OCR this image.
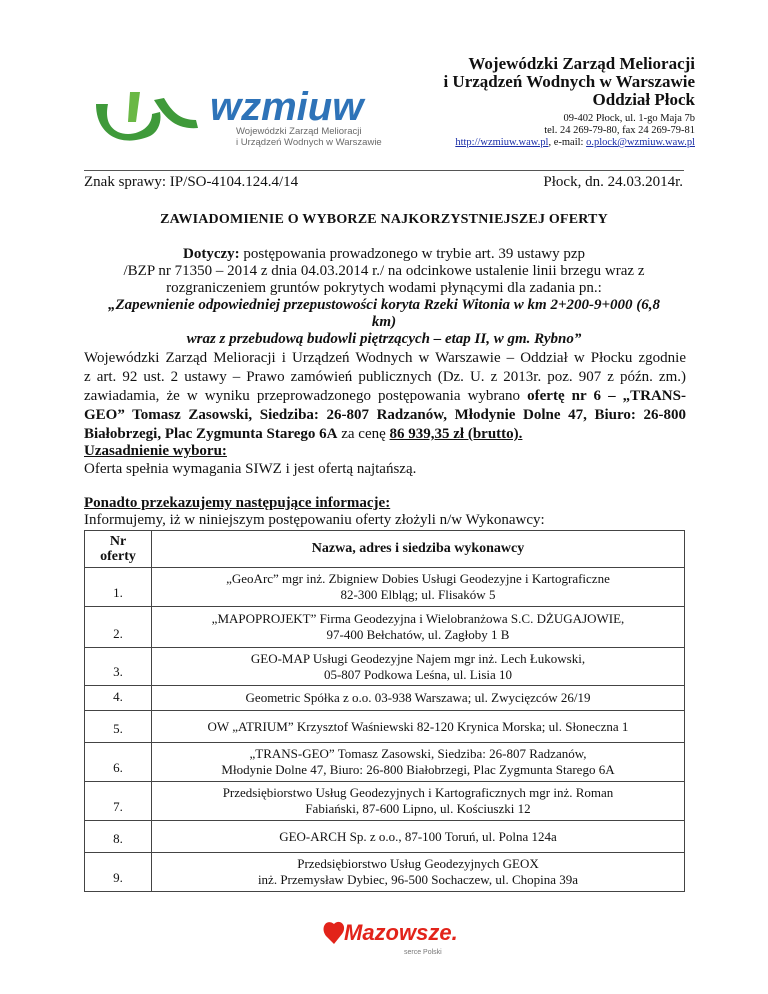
wzmiuw
Wojewódzki Zarząd Melioracji
i Urządzeń Wodnych w Warszawie
Wojewódzki Zarząd Melioracji
i Urządzeń Wodnych w Warszawie
Oddział Płock
09-402 Płock, ul. 1-go Maja 7b
tel. 24 269-79-80, fax 24 269-79-81
http://wzmiuw.waw.pl, e-mail: o.plock@wzmiuw.waw.pl
Znak sprawy: IP/SO-4104.124.4/14	Płock, dn. 24.03.2014r.
ZAWIADOMIENIE O WYBORZE NAJKORZYSTNIEJSZEJ OFERTY
Dotyczy: postępowania prowadzonego w trybie art. 39 ustawy pzp
/BZP nr 71350 – 2014 z dnia 04.03.2014 r./ na odcinkowe ustalenie linii brzegu wraz z
rozgraniczeniem gruntów pokrytych wodami płynącymi dla zadania pn.:
„Zapewnienie odpowiedniej przepustowości koryta Rzeki Witonia w km 2+200-9+000 (6,8 km)
wraz z przebudową budowli piętrzących – etap II, w gm. Rybno”
Wojewódzki Zarząd Melioracji i Urządzeń Wodnych w Warszawie – Oddział w Płocku zgodnie
z art. 92 ust. 2 ustawy – Prawo zamówień publicznych (Dz. U. z 2013r. poz. 907 z późn. zm.)
zawiadamia, że w wyniku przeprowadzonego postępowania wybrano ofertę nr 6 – „TRANS-
GEO” Tomasz Zasowski, Siedziba: 26-807 Radzanów, Młodynie Dolne 47, Biuro: 26-800
Białobrzegi, Plac Zygmunta Starego 6A za cenę 86 939,35 zł (brutto).
Uzasadnienie wyboru:
Oferta spełnia wymagania SIWZ i jest ofertą najtańszą.
Ponadto przekazujemy następujące informacje:
Informujemy, iż w niniejszym postępowaniu oferty złożyli n/w Wykonawcy:
Nr
oferty	Nazwa, adres i siedziba wykonawcy
1.	„GeoArc” mgr inż. Zbigniew Dobies Usługi Geodezyjne i Kartograficzne
82-300 Elbląg; ul. Flisaków 5

2.	„MAPOPROJEKT” Firma Geodezyjna i Wielobranżowa S.C. DŻUGAJOWIE,
97-400 Bełchatów, ul. Zagłoby 1 B

3.	GEO-MAP Usługi Geodezyjne Najem mgr inż. Lech Łukowski,
05-807 Podkowa Leśna, ul. Lisia 10

4.	Geometric Spółka z o.o. 03-938 Warszawa; ul. Zwycięzców 26/19

5.	OW „ATRIUM” Krzysztof Waśniewski 82-120 Krynica Morska; ul. Słoneczna 1

6.	„TRANS-GEO” Tomasz Zasowski, Siedziba: 26-807 Radzanów,
Młodynie Dolne 47, Biuro: 26-800 Białobrzegi, Plac Zygmunta Starego 6A

7.	Przedsiębiorstwo Usług Geodezyjnych i Kartograficznych mgr inż. Roman
Fabiański, 87-600 Lipno, ul. Kościuszki 12

8.	GEO-ARCH Sp. z o.o., 87-100 Toruń, ul. Polna 124a

9.	Przedsiębiorstwo Usług Geodezyjnych GEOX
inż. Przemysław Dybiec, 96-500 Sochaczew, ul. Chopina 39a
Mazowsze.
serce Polski
